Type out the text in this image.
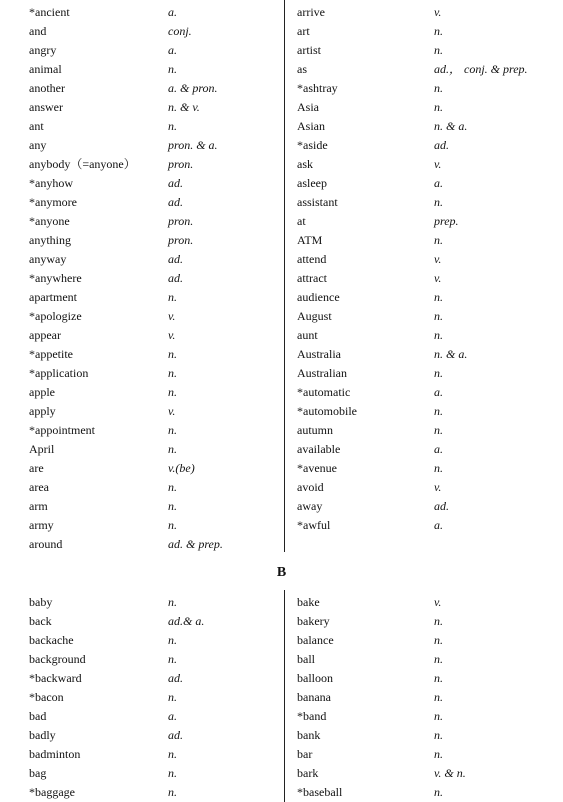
*ancient	a.
and	conj.
angry	a.
animal	n.
another	a. & pron.
answer	n. & v.
ant	n.
any	pron. & a.
anybody（=anyone）	pron.
*anyhow	ad.
*anymore	ad.
*anyone	pron.
anything	pron.
anyway	ad.
*anywhere	ad.
apartment	n.
*apologize	v.
appear	v.
*appetite	n.
*application	n.
apple	n.
apply	v.
*appointment	n.
April	n.
are	v.(be)
area	n.
arm	n.
army	n.
around	ad. & prep.
arrive	v.
art	n.
artist	n.
as	ad.， conj. & prep.
*ashtray	n.
Asia	n.
Asian	n. & a.
*aside	ad.
ask	v.
asleep	a.
assistant	n.
at	prep.
ATM	n.
attend	v.
attract	v.
audience	n.
August	n.
aunt	n.
Australia	n. & a.
Australian	n.
*automatic	a.
*automobile	n.
autumn	n.
available	a.
*avenue	n.
avoid	v.
away	ad.
*awful	a.
B
baby	n.
back	ad.& a.
backache	n.
background	n.
*backward	ad.
*bacon	n.
bad	a.
badly	ad.
badminton	n.
bag	n.
*baggage	n.
bake	v.
bakery	n.
balance	n.
ball	n.
balloon	n.
banana	n.
*band	n.
bank	n.
bar	n.
bark	v. & n.
*baseball	n.
